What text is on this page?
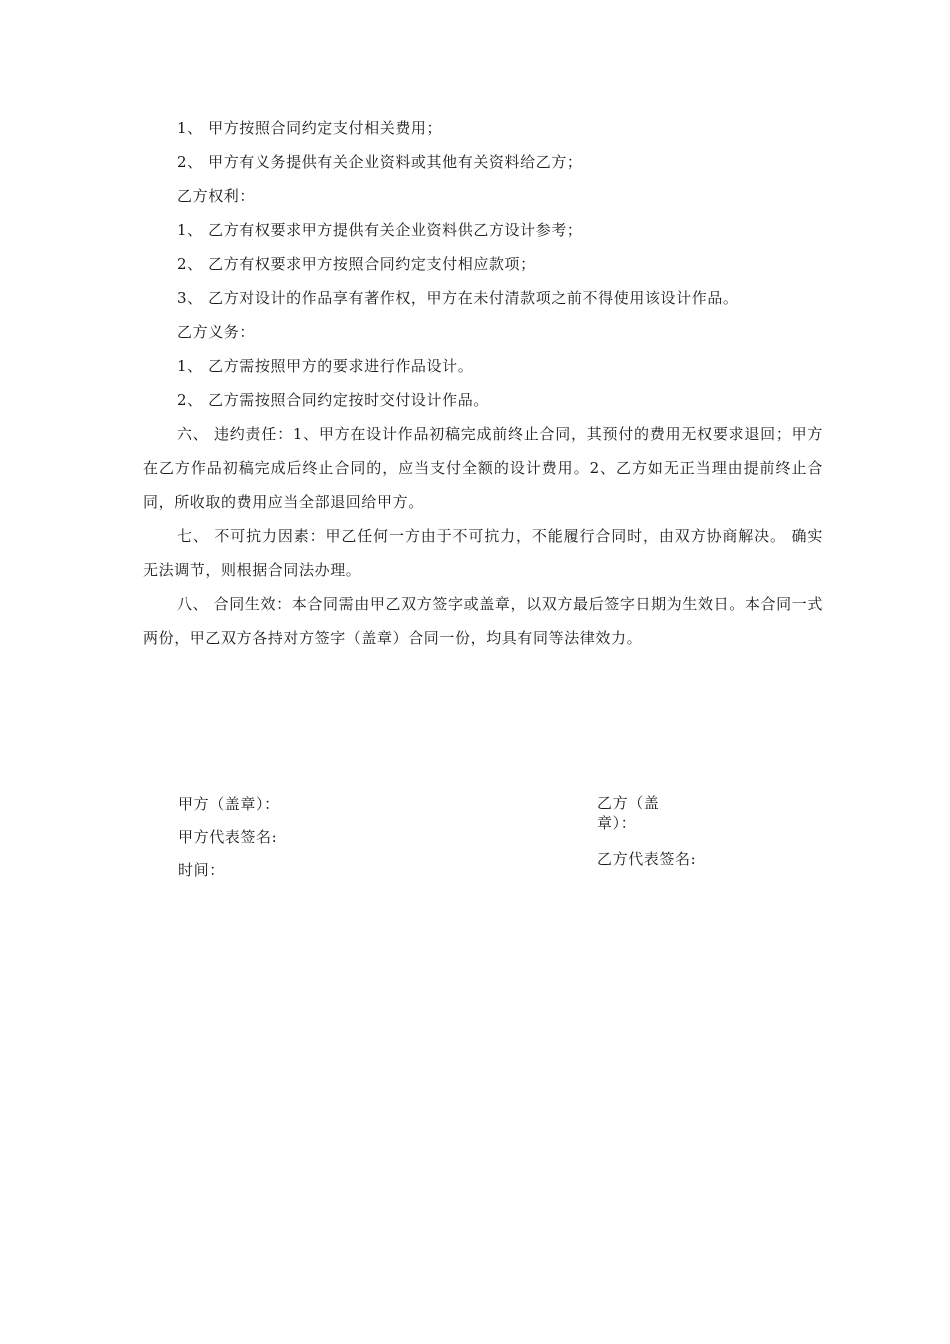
1、 甲方按照合同约定支付相关费用；

2、 甲方有义务提供有关企业资料或其他有关资料给乙方；

乙方权利：

1、 乙方有权要求甲方提供有关企业资料供乙方设计参考；

2、 乙方有权要求甲方按照合同约定支付相应款项；

3、 乙方对设计的作品享有著作权，甲方在未付清款项之前不得使用该设计作品。

乙方义务：

1、 乙方需按照甲方的要求进行作品设计。

2、 乙方需按照合同约定按时交付设计作品。

六、 违约责任：1、甲方在设计作品初稿完成前终止合同，其预付的费用无权要求退回；甲方在乙方作品初稿完成后终止合同的，应当支付全额的设计费用。2、乙方如无正当理由提前终止合同，所收取的费用应当全部退回给甲方。

七、 不可抗力因素：甲乙任何一方由于不可抗力，不能履行合同时，由双方协商解决。 确实无法调节，则根据合同法办理。

八、 合同生效：本合同需由甲乙双方签字或盖章，以双方最后签字日期为生效日。本合同一式两份，甲乙双方各持对方签字（盖章）合同一份，均具有同等法律效力。

甲方（盖章）：

甲方代表签名:

时间：

乙方（盖章）：

乙方代表签名:
